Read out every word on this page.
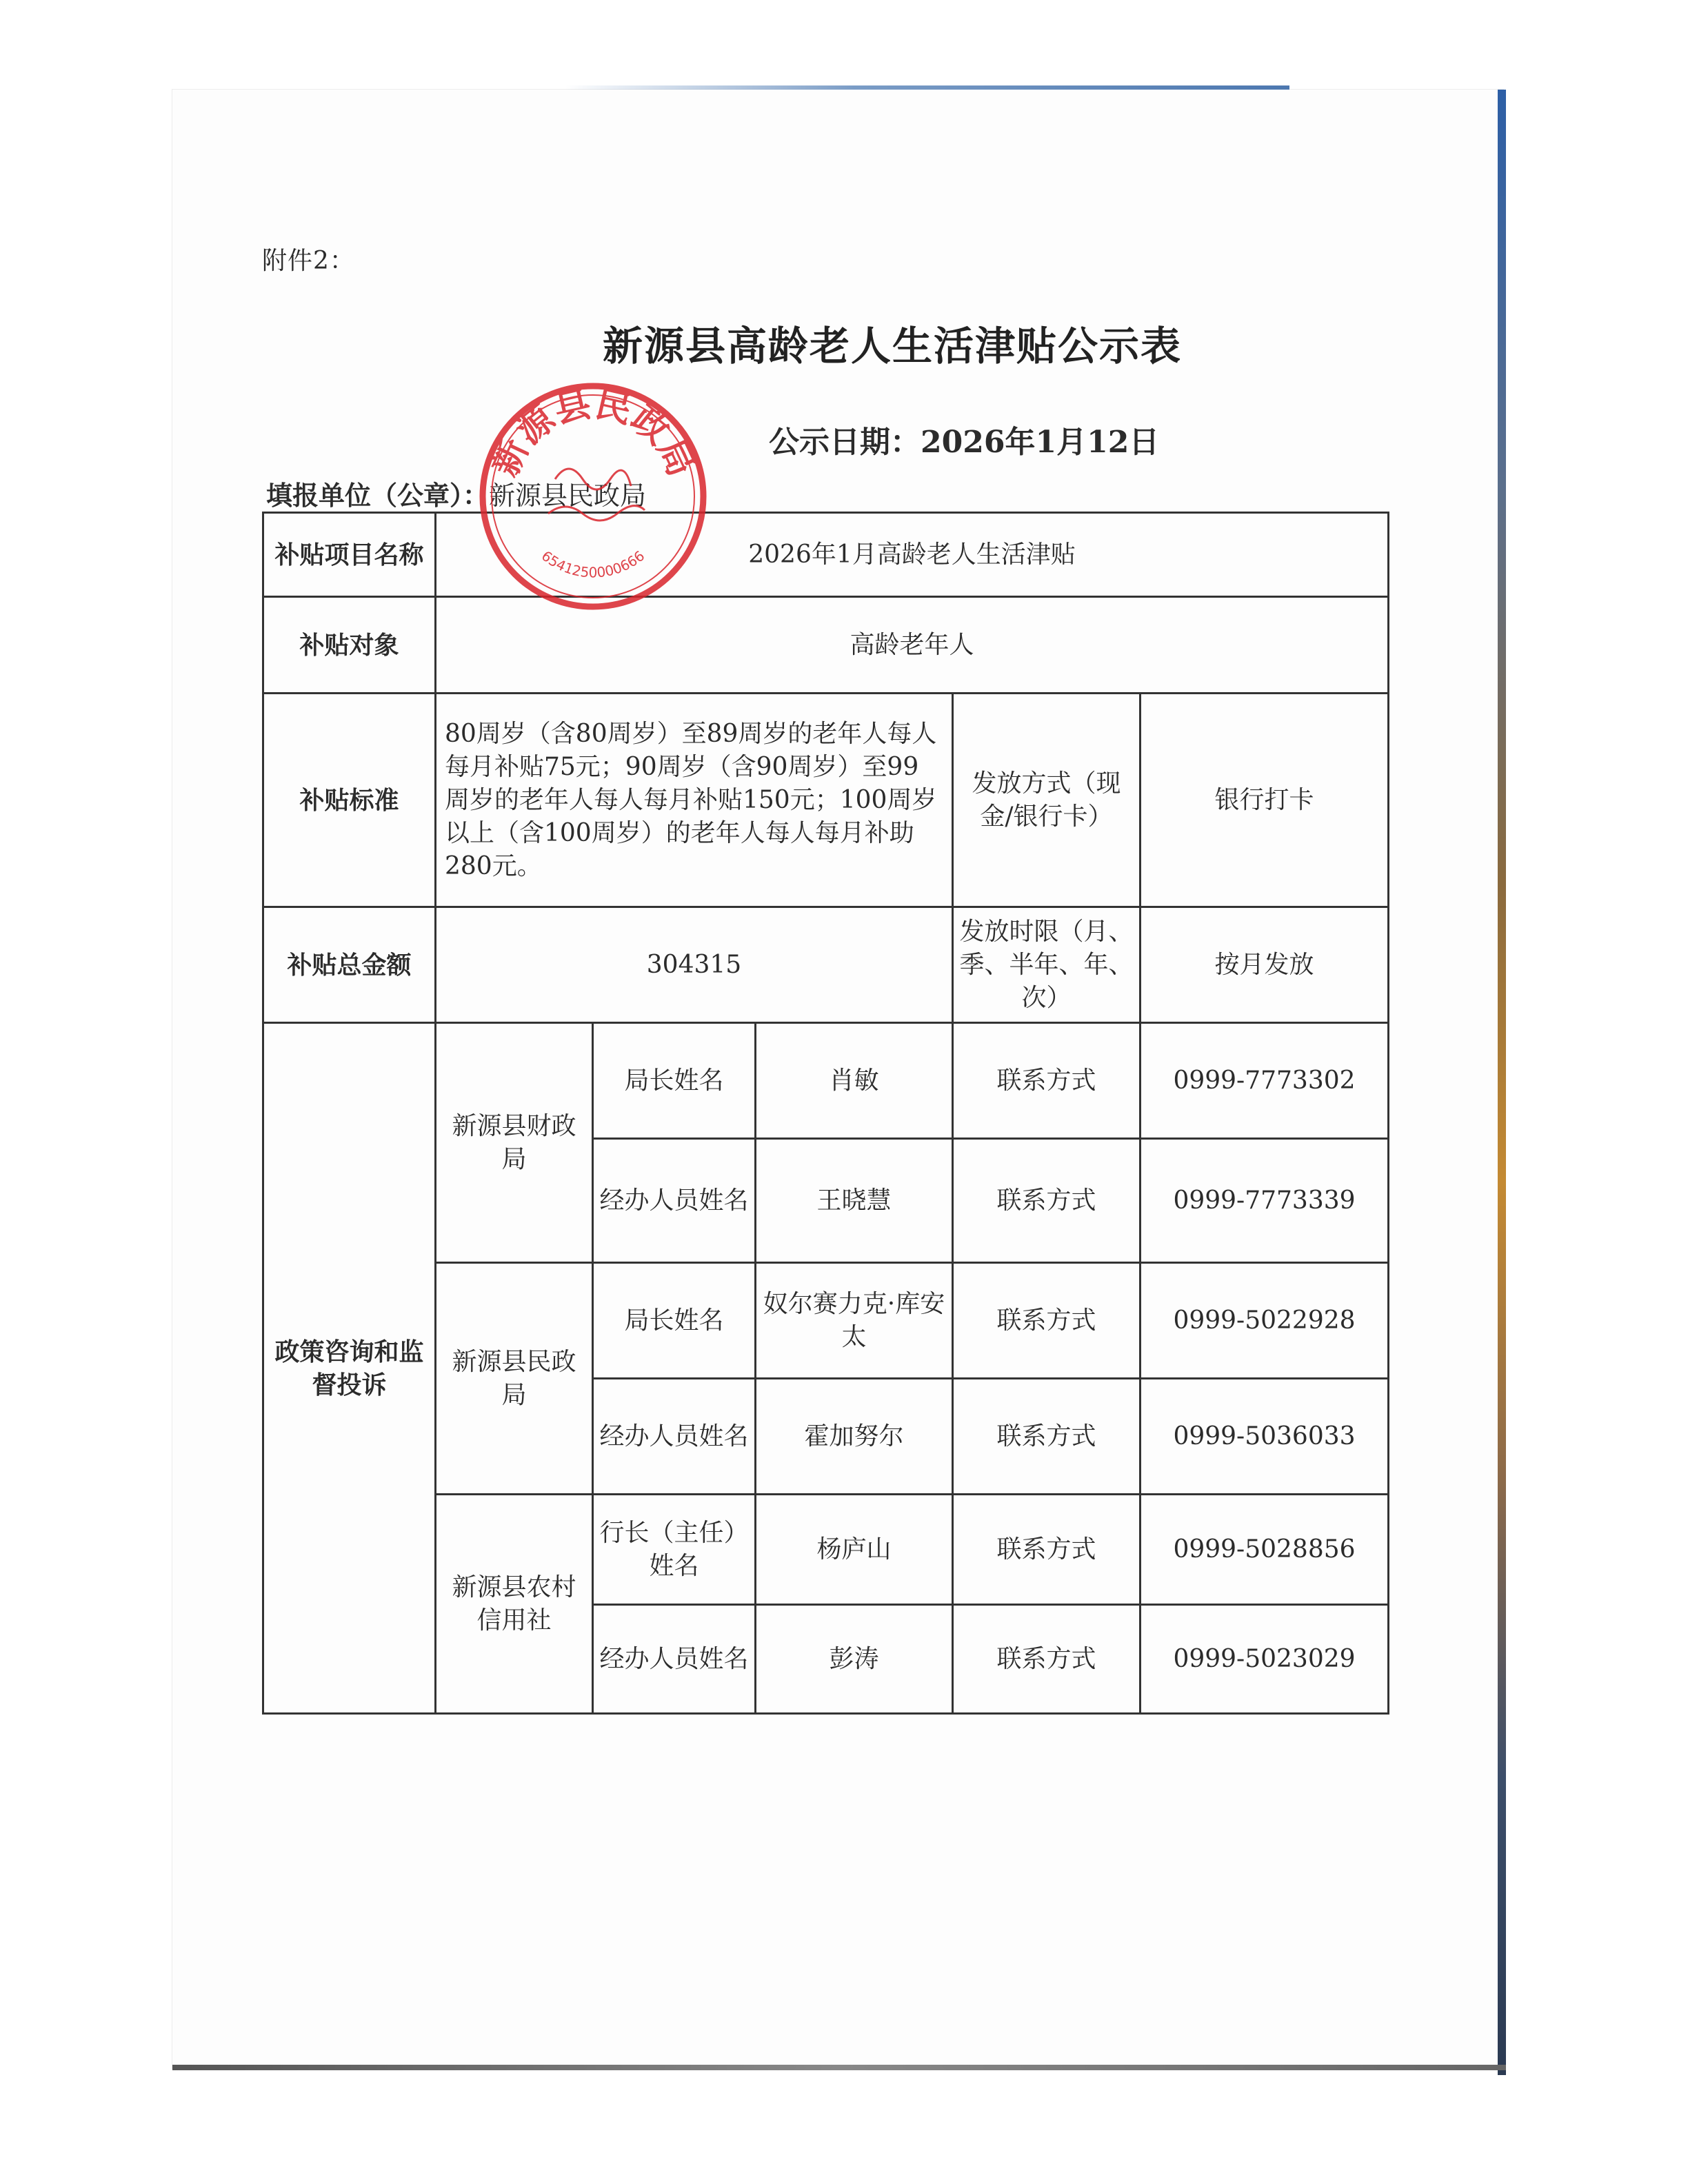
附件2：
新源县高龄老人生活津贴公示表
公示日期：2026年1月12日
填报单位（公章）：新源县民政局
补贴项目名称	2026年1月高龄老人生活津贴				
补贴对象	高龄老年人				
补贴标准	80周岁（含80周岁）至89周岁的老年人每人每月补贴75元；90周岁（含90周岁）至99周岁的老年人每人每月补贴150元；100周岁以上（含100周岁）的老年人每人每月补助280元。			发放方式（现金/银行卡）	银行打卡
补贴总金额	304315			发放时限（月、季、半年、年、次）	按月发放
政策咨询和监督投诉	新源县财政局	局长姓名	肖敏	联系方式	0999-7773302
		经办人员姓名	王晓慧	联系方式	0999-7773339
	新源县民政局	局长姓名	奴尔赛力克·库安太	联系方式	0999-5022928
		经办人员姓名	霍加努尔	联系方式	0999-5036033
	新源县农村信用社	行长（主任）姓名	杨庐山	联系方式	0999-5028856
		经办人员姓名	彭涛	联系方式	0999-5023029
新源县民政局
6541250000666
